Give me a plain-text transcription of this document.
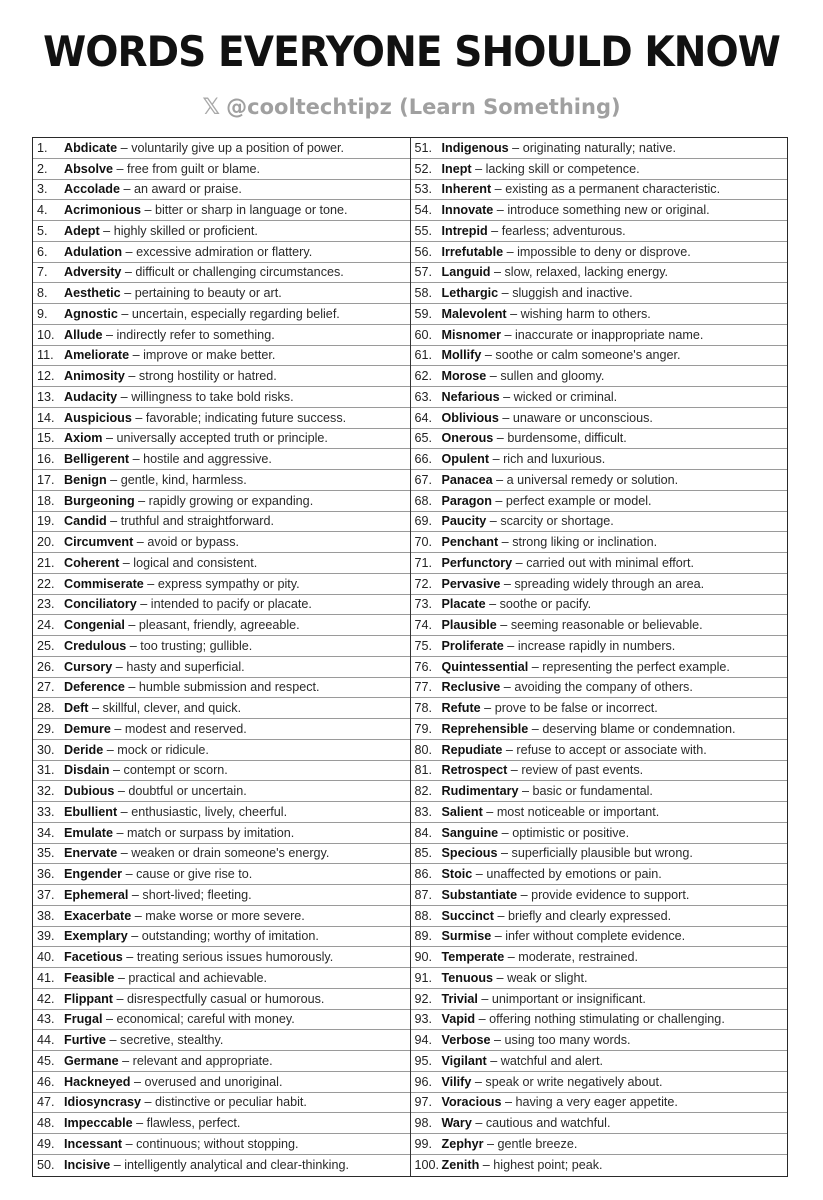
WORDS EVERYONE SHOULD KNOW
𝕏 @cooltechtipz (Learn Something)
1.	Abdicate – voluntarily give up a position of power.
2.	Absolve – free from guilt or blame.
3.	Accolade – an award or praise.
4.	Acrimonious – bitter or sharp in language or tone.
5.	Adept – highly skilled or proficient.
6.	Adulation – excessive admiration or flattery.
7.	Adversity – difficult or challenging circumstances.
8.	Aesthetic – pertaining to beauty or art.
9.	Agnostic – uncertain, especially regarding belief.
10. Allude – indirectly refer to something.
11. Ameliorate – improve or make better.
12. Animosity – strong hostility or hatred.
13. Audacity – willingness to take bold risks.
14. Auspicious – favorable; indicating future success.
15. Axiom – universally accepted truth or principle.
16. Belligerent – hostile and aggressive.
17. Benign – gentle, kind, harmless.
18. Burgeoning – rapidly growing or expanding.
19. Candid – truthful and straightforward.
20. Circumvent – avoid or bypass.
21. Coherent – logical and consistent.
22. Commiserate – express sympathy or pity.
23. Conciliatory – intended to pacify or placate.
24. Congenial – pleasant, friendly, agreeable.
25. Credulous – too trusting; gullible.
26. Cursory – hasty and superficial.
27. Deference – humble submission and respect.
28. Deft – skillful, clever, and quick.
29. Demure – modest and reserved.
30. Deride – mock or ridicule.
31. Disdain – contempt or scorn.
32. Dubious – doubtful or uncertain.
33. Ebullient – enthusiastic, lively, cheerful.
34. Emulate – match or surpass by imitation.
35. Enervate – weaken or drain someone's energy.
36. Engender – cause or give rise to.
37. Ephemeral – short-lived; fleeting.
38. Exacerbate – make worse or more severe.
39. Exemplary – outstanding; worthy of imitation.
40. Facetious – treating serious issues humorously.
41. Feasible – practical and achievable.
42. Flippant – disrespectfully casual or humorous.
43. Frugal – economical; careful with money.
44. Furtive – secretive, stealthy.
45. Germane – relevant and appropriate.
46. Hackneyed – overused and unoriginal.
47. Idiosyncrasy – distinctive or peculiar habit.
48. Impeccable – flawless, perfect.
49. Incessant – continuous; without stopping.
50. Incisive – intelligently analytical and clear-thinking.
51. Indigenous – originating naturally; native.
52. Inept – lacking skill or competence.
53. Inherent – existing as a permanent characteristic.
54. Innovate – introduce something new or original.
55. Intrepid – fearless; adventurous.
56. Irrefutable – impossible to deny or disprove.
57. Languid – slow, relaxed, lacking energy.
58. Lethargic – sluggish and inactive.
59. Malevolent – wishing harm to others.
60. Misnomer – inaccurate or inappropriate name.
61. Mollify – soothe or calm someone's anger.
62. Morose – sullen and gloomy.
63. Nefarious – wicked or criminal.
64. Oblivious – unaware or unconscious.
65. Onerous – burdensome, difficult.
66. Opulent – rich and luxurious.
67. Panacea – a universal remedy or solution.
68. Paragon – perfect example or model.
69. Paucity – scarcity or shortage.
70. Penchant – strong liking or inclination.
71. Perfunctory – carried out with minimal effort.
72. Pervasive – spreading widely through an area.
73. Placate – soothe or pacify.
74. Plausible – seeming reasonable or believable.
75. Proliferate – increase rapidly in numbers.
76. Quintessential – representing the perfect example.
77. Reclusive – avoiding the company of others.
78. Refute – prove to be false or incorrect.
79. Reprehensible – deserving blame or condemnation.
80. Repudiate – refuse to accept or associate with.
81. Retrospect – review of past events.
82. Rudimentary – basic or fundamental.
83. Salient – most noticeable or important.
84. Sanguine – optimistic or positive.
85. Specious – superficially plausible but wrong.
86. Stoic – unaffected by emotions or pain.
87. Substantiate – provide evidence to support.
88. Succinct – briefly and clearly expressed.
89. Surmise – infer without complete evidence.
90. Temperate – moderate, restrained.
91. Tenuous – weak or slight.
92. Trivial – unimportant or insignificant.
93. Vapid – offering nothing stimulating or challenging.
94. Verbose – using too many words.
95. Vigilant – watchful and alert.
96. Vilify – speak or write negatively about.
97. Voracious – having a very eager appetite.
98. Wary – cautious and watchful.
99. Zephyr – gentle breeze.
100. Zenith – highest point; peak.
